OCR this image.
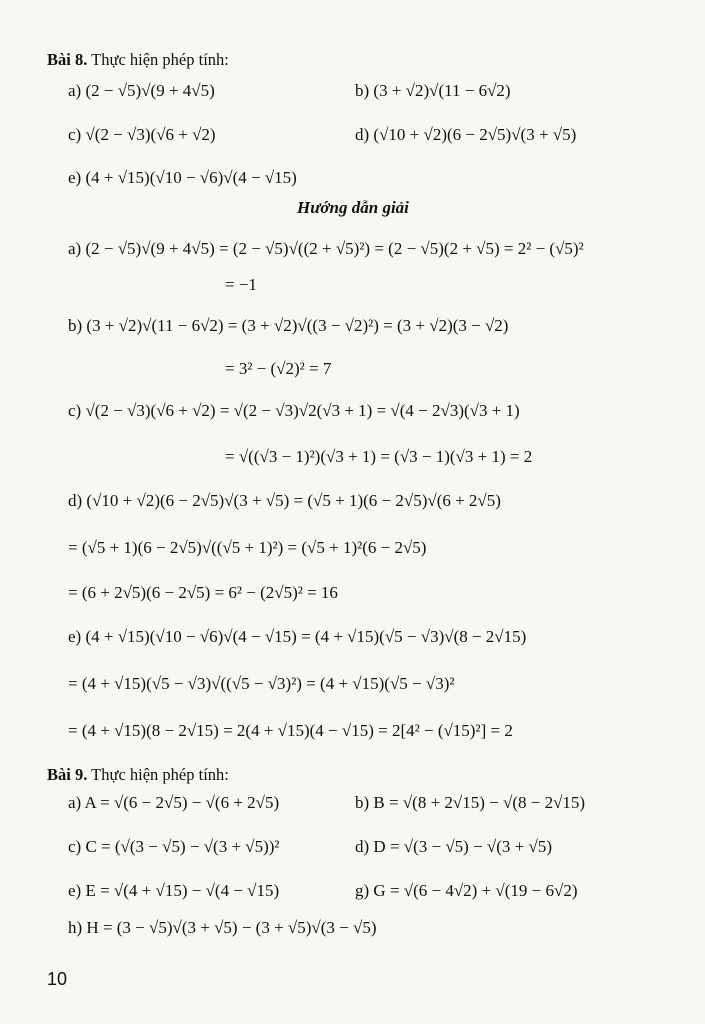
Bài 8. Thực hiện phép tính:
a) (2 − √5)√(9 + 4√5)	b) (3 + √2)√(11 − 6√2)
c) √(2 − √3)(√6 + √2)	d) (√10 + √2)(6 − 2√5)√(3 + √5)
e) (4 + √15)(√10 − √6)√(4 − √15)
Hướng dẫn giải
a) (2 − √5)√(9 + 4√5) = (2 − √5)√((2 + √5)²) = (2 − √5)(2 + √5) = 2² − (√5)²
= −1
b) (3 + √2)√(11 − 6√2) = (3 + √2)√((3 − √2)²) = (3 + √2)(3 − √2)
= 3² − (√2)² = 7
c) √(2 − √3)(√6 + √2) = √(2 − √3)√2(√3 + 1) = √(4 − 2√3)(√3 + 1)
= √((√3 − 1)²)(√3 + 1) = (√3 − 1)(√3 + 1) = 2
d) (√10 + √2)(6 − 2√5)√(3 + √5) = (√5 + 1)(6 − 2√5)√(6 + 2√5)
= (√5 + 1)(6 − 2√5)√((√5 + 1)²) = (√5 + 1)²(6 − 2√5)
= (6 + 2√5)(6 − 2√5) = 6² − (2√5)² = 16
e) (4 + √15)(√10 − √6)√(4 − √15) = (4 + √15)(√5 − √3)√(8 − 2√15)
= (4 + √15)(√5 − √3)√((√5 − √3)²) = (4 + √15)(√5 − √3)²
= (4 + √15)(8 − 2√15) = 2(4 + √15)(4 − √15) = 2[4² − (√15)²] = 2
Bài 9. Thực hiện phép tính:
a) A = √(6 − 2√5) − √(6 + 2√5)	b) B = √(8 + 2√15) − √(8 − 2√15)
c) C = (√(3 − √5) − √(3 + √5))²	d) D = √(3 − √5) − √(3 + √5)
e) E = √(4 + √15) − √(4 − √15)	g) G = √(6 − 4√2) + √(19 − 6√2)
h) H = (3 − √5)√(3 + √5) − (3 + √5)√(3 − √5)
10
